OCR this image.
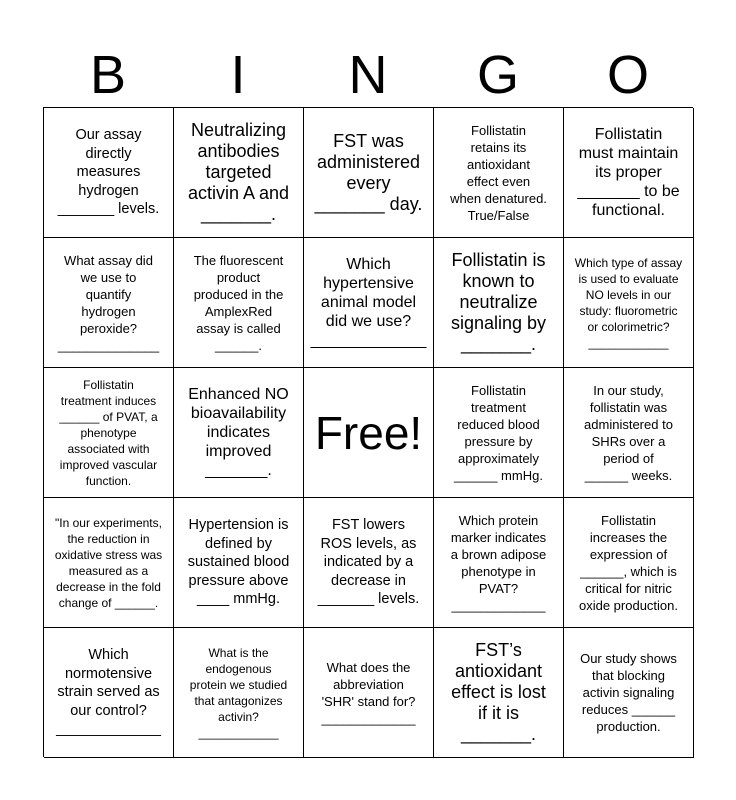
B	I	N	G	O
Our assay
directly
measures
hydrogen
_______ levels.
Neutralizing
antibodies
targeted
activin A and
_______.
FST was
administered
every
_______ day.
Follistatin
retains its
antioxidant
effect even
when denatured.
True/False
Follistatin
must maintain
its proper
_______ to be
functional.
What assay did
we use to
quantify
hydrogen
peroxide?
______________
The fluorescent
product
produced in the
AmplexRed
assay is called
______.
Which
hypertensive
animal model
did we use?
_____________
Follistatin is
known to
neutralize
signaling by
_______.
Which type of assay
is used to evaluate
NO levels in our
study: fluorometric
or colorimetric?
____________
Follistatin
treatment induces
______ of PVAT, a
phenotype
associated with
improved vascular
function.
Enhanced NO
bioavailability
indicates
improved
_______.
Free!
Follistatin
treatment
reduced blood
pressure by
approximately
______ mmHg.
In our study,
follistatin was
administered to
SHRs over a
period of
______ weeks.
"In our experiments,
the reduction in
oxidative stress was
measured as a
decrease in the fold
change of ______.
Hypertension is
defined by
sustained blood
pressure above
____ mmHg.
FST lowers
ROS levels, as
indicated by a
decrease in
_______ levels.
Which protein
marker indicates
a brown adipose
phenotype in
PVAT?
_____________
Follistatin
increases the
expression of
______, which is
critical for nitric
oxide production.
Which
normotensive
strain served as
our control?
_____________
What is the
endogenous
protein we studied
that antagonizes
activin?
____________
What does the
abbreviation
'SHR' stand for?
_____________
FST’s
antioxidant
effect is lost
if it is
_______.
Our study shows
that blocking
activin signaling
reduces ______
production.
